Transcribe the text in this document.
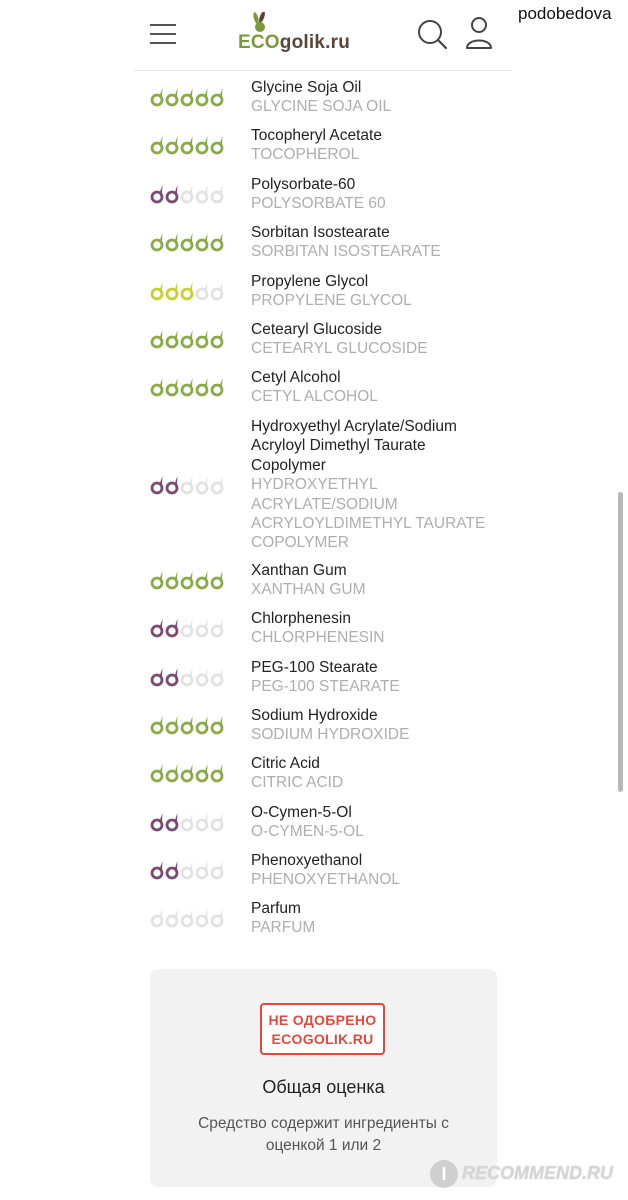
ECOgolik.ru
podobedova
Glycine Soja Oil
GLYCINE SOJA OIL
Tocopheryl Acetate
TOCOPHEROL
Polysorbate-60
POLYSORBATE 60
Sorbitan Isostearate
SORBITAN ISOSTEARATE
Propylene Glycol
PROPYLENE GLYCOL
Cetearyl Glucoside
CETEARYL GLUCOSIDE
Cetyl Alcohol
CETYL ALCOHOL
Hydroxyethyl Acrylate/Sodium Acryloyl Dimethyl Taurate Copolymer
HYDROXYETHYL ACRYLATE/SODIUM ACRYLOYLDIMETHYL TAURATE COPOLYMER
Xanthan Gum
XANTHAN GUM
Chlorphenesin
CHLORPHENESIN
PEG-100 Stearate
PEG-100 STEARATE
Sodium Hydroxide
SODIUM HYDROXIDE
Citric Acid
CITRIC ACID
O-Cymen-5-Ol
O-CYMEN-5-OL
Phenoxyethanol
PHENOXYETHANOL
Parfum
PARFUM
НЕ ОДОБРЕНО
ECOGOLIK.RU
Общая оценка
Средство содержит ингредиенты с оценкой 1 или 2
I RECOMMEND.RU
